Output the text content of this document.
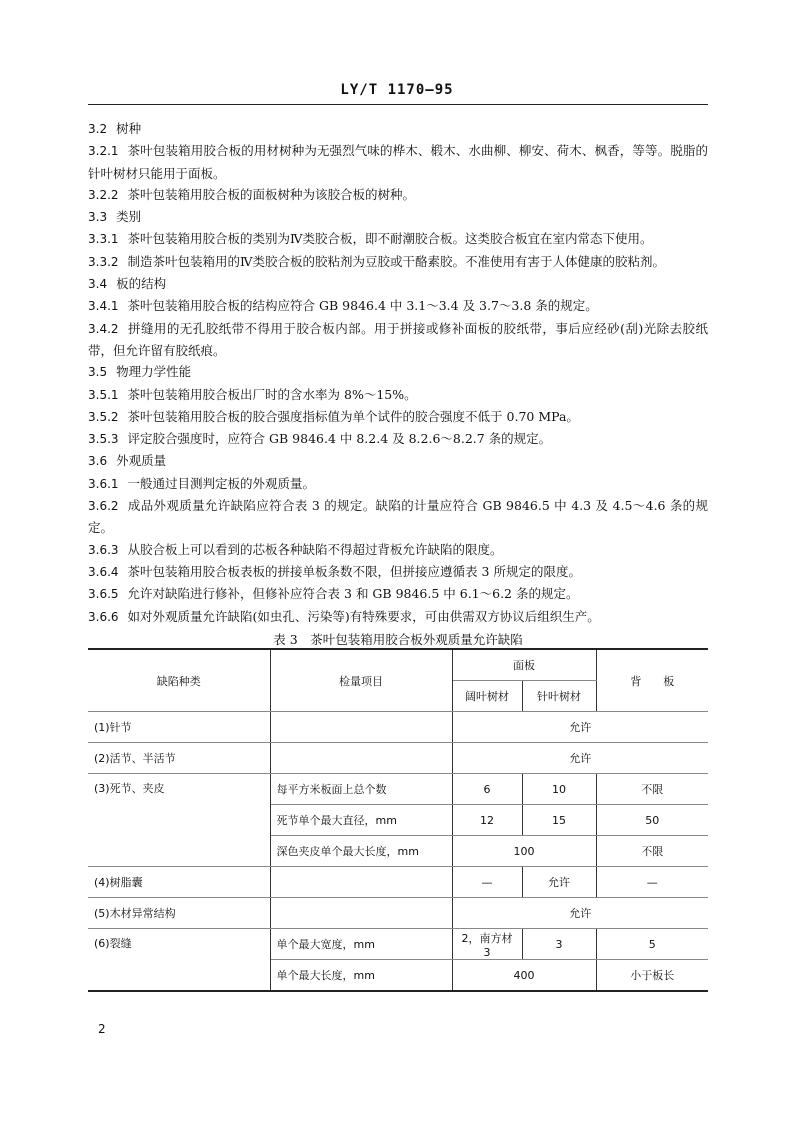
LY/T 1170—95

3.2 树种

3.2.1 茶叶包装箱用胶合板的用材树种为无强烈气味的桦木、椴木、水曲柳、柳安、荷木、枫香，等等。脱脂的针叶树材只能用于面板。

3.2.2 茶叶包装箱用胶合板的面板树种为该胶合板的树种。

3.3 类别

3.3.1 茶叶包装箱用胶合板的类别为Ⅳ类胶合板，即不耐潮胶合板。这类胶合板宜在室内常态下使用。

3.3.2 制造茶叶包装箱用的Ⅳ类胶合板的胶粘剂为豆胶或干酪素胶。不准使用有害于人体健康的胶粘剂。

3.4 板的结构

3.4.1 茶叶包装箱用胶合板的结构应符合 GB 9846.4 中 3.1～3.4 及 3.7～3.8 条的规定。

3.4.2 拼缝用的无孔胶纸带不得用于胶合板内部。用于拼接或修补面板的胶纸带，事后应经砂(刮)光除去胶纸带，但允许留有胶纸痕。

3.5 物理力学性能

3.5.1 茶叶包装箱用胶合板出厂时的含水率为 8%～15%。

3.5.2 茶叶包装箱用胶合板的胶合强度指标值为单个试件的胶合强度不低于 0.70 MPa。

3.5.3 评定胶合强度时，应符合 GB 9846.4 中 8.2.4 及 8.2.6～8.2.7 条的规定。

3.6 外观质量

3.6.1 一般通过目测判定板的外观质量。

3.6.2 成品外观质量允许缺陷应符合表 3 的规定。缺陷的计量应符合 GB 9846.5 中 4.3 及 4.5～4.6 条的规定。

3.6.3 从胶合板上可以看到的芯板各种缺陷不得超过背板允许缺陷的限度。

3.6.4 茶叶包装箱用胶合板表板的拼接单板条数不限，但拼接应遵循表 3 所规定的限度。

3.6.5 允许对缺陷进行修补，但修补应符合表 3 和 GB 9846.5 中 6.1～6.2 条的规定。

3.6.6 如对外观质量允许缺陷(如虫孔、污染等)有特殊要求，可由供需双方协议后组织生产。

表 3　茶叶包装箱用胶合板外观质量允许缺陷
缺陷种类	检量项目	面板		背　　板
		阔叶树材	针叶树材	
(1)针节		允许		
(2)活节、半活节		允许		
(3)死节、夹皮	每平方米板面上总个数	6	10	不限
	死节单个最大直径，mm	12	15	50
	深色夹皮单个最大长度，mm	100		不限
(4)树脂囊		—	允许	—
(5)木材异常结构		允许		
(6)裂缝	单个最大宽度，mm	2，南方材 3	3	5
	单个最大长度，mm	400		小于板长
2
